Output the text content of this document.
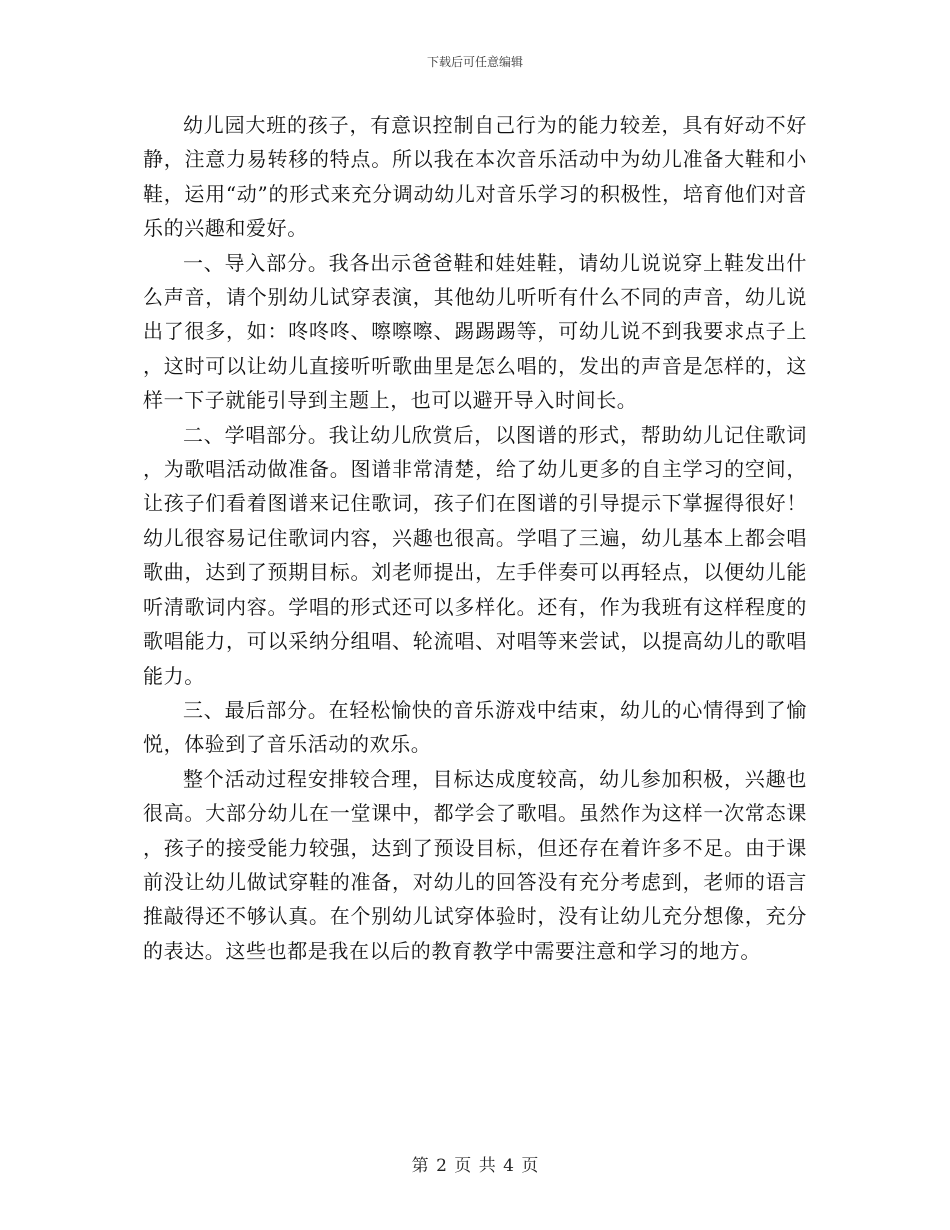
下载后可任意编辑

幼儿园大班的孩子，有意识控制自己行为的能力较差，具有好动不好静，注意力易转移的特点。所以我在本次音乐活动中为幼儿准备大鞋和小鞋，运用“动”的形式来充分调动幼儿对音乐学习的积极性，培育他们对音乐的兴趣和爱好。

一、导入部分。我各出示爸爸鞋和娃娃鞋，请幼儿说说穿上鞋发出什么声音，请个别幼儿试穿表演，其他幼儿听听有什么不同的声音，幼儿说出了很多，如：咚咚咚、嚓嚓嚓、踢踢踢等，可幼儿说不到我要求点子上，这时可以让幼儿直接听听歌曲里是怎么唱的，发出的声音是怎样的，这样一下子就能引导到主题上，也可以避开导入时间长。

二、学唱部分。我让幼儿欣赏后，以图谱的形式，帮助幼儿记住歌词，为歌唱活动做准备。图谱非常清楚，给了幼儿更多的自主学习的空间，让孩子们看着图谱来记住歌词，孩子们在图谱的引导提示下掌握得很好！幼儿很容易记住歌词内容，兴趣也很高。学唱了三遍，幼儿基本上都会唱歌曲，达到了预期目标。刘老师提出，左手伴奏可以再轻点，以便幼儿能听清歌词内容。学唱的形式还可以多样化。还有，作为我班有这样程度的歌唱能力，可以采纳分组唱、轮流唱、对唱等来尝试，以提高幼儿的歌唱能力。

三、最后部分。在轻松愉快的音乐游戏中结束，幼儿的心情得到了愉悦，体验到了音乐活动的欢乐。

整个活动过程安排较合理，目标达成度较高，幼儿参加积极，兴趣也很高。大部分幼儿在一堂课中，都学会了歌唱。虽然作为这样一次常态课，孩子的接受能力较强，达到了预设目标，但还存在着许多不足。由于课前没让幼儿做试穿鞋的准备，对幼儿的回答没有充分考虑到，老师的语言推敲得还不够认真。在个别幼儿试穿体验时，没有让幼儿充分想像，充分的表达。这些也都是我在以后的教育教学中需要注意和学习的地方。

第 2 页 共 4 页
